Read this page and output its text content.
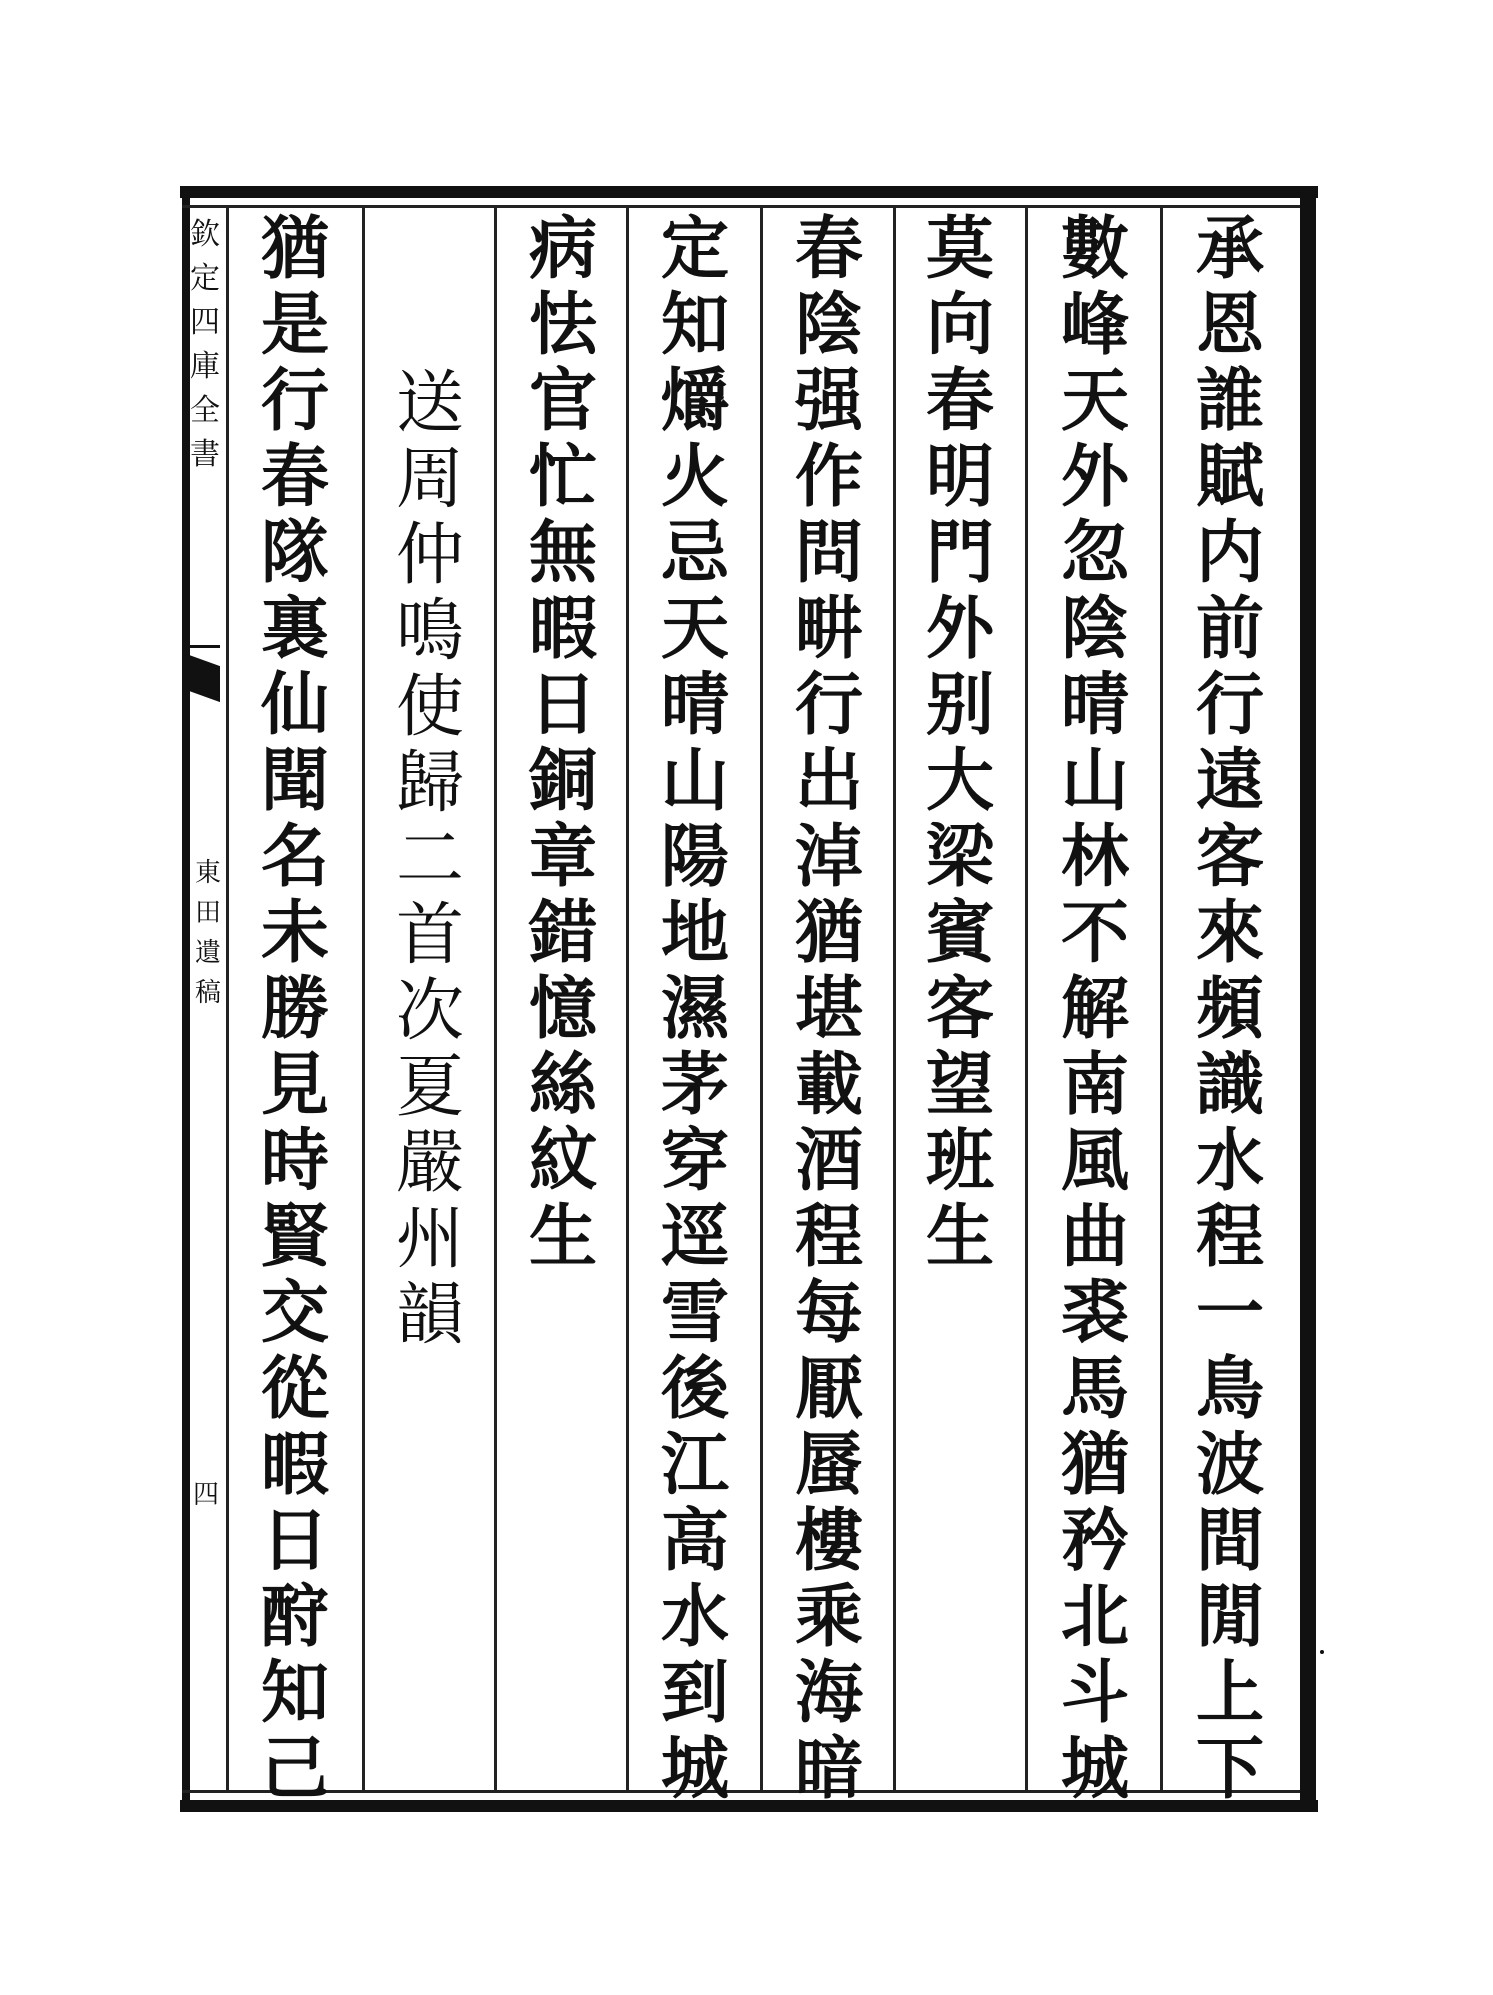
欽
定
四
庫
全
書
東
田
遺
稿
四
承
恩
誰
賦
内
前
行
遠
客
來
頻
識
水
程
一
鳥
波
間
閒
上
下
數
峰
天
外
忽
陰
晴
山
林
不
解
南
風
曲
裘
馬
猶
矜
北
斗
城
莫
向
春
明
門
外
别
大
梁
賓
客
望
班
生
春
陰
强
作
問
畊
行
出
淖
猶
堪
載
酒
程
每
厭
蜃
樓
乘
海
暗
定
知
爝
火
忌
天
晴
山
陽
地
濕
茅
穿
逕
雪
後
江
高
水
到
城
病
怯
官
忙
無
暇
日
銅
章
錯
憶
絲
紋
生
送
周
仲
鳴
使
歸
二
首
次
夏
嚴
州
韻
猶
是
行
春
隊
裏
仙
聞
名
未
勝
見
時
賢
交
從
暇
日
酧
知
己
